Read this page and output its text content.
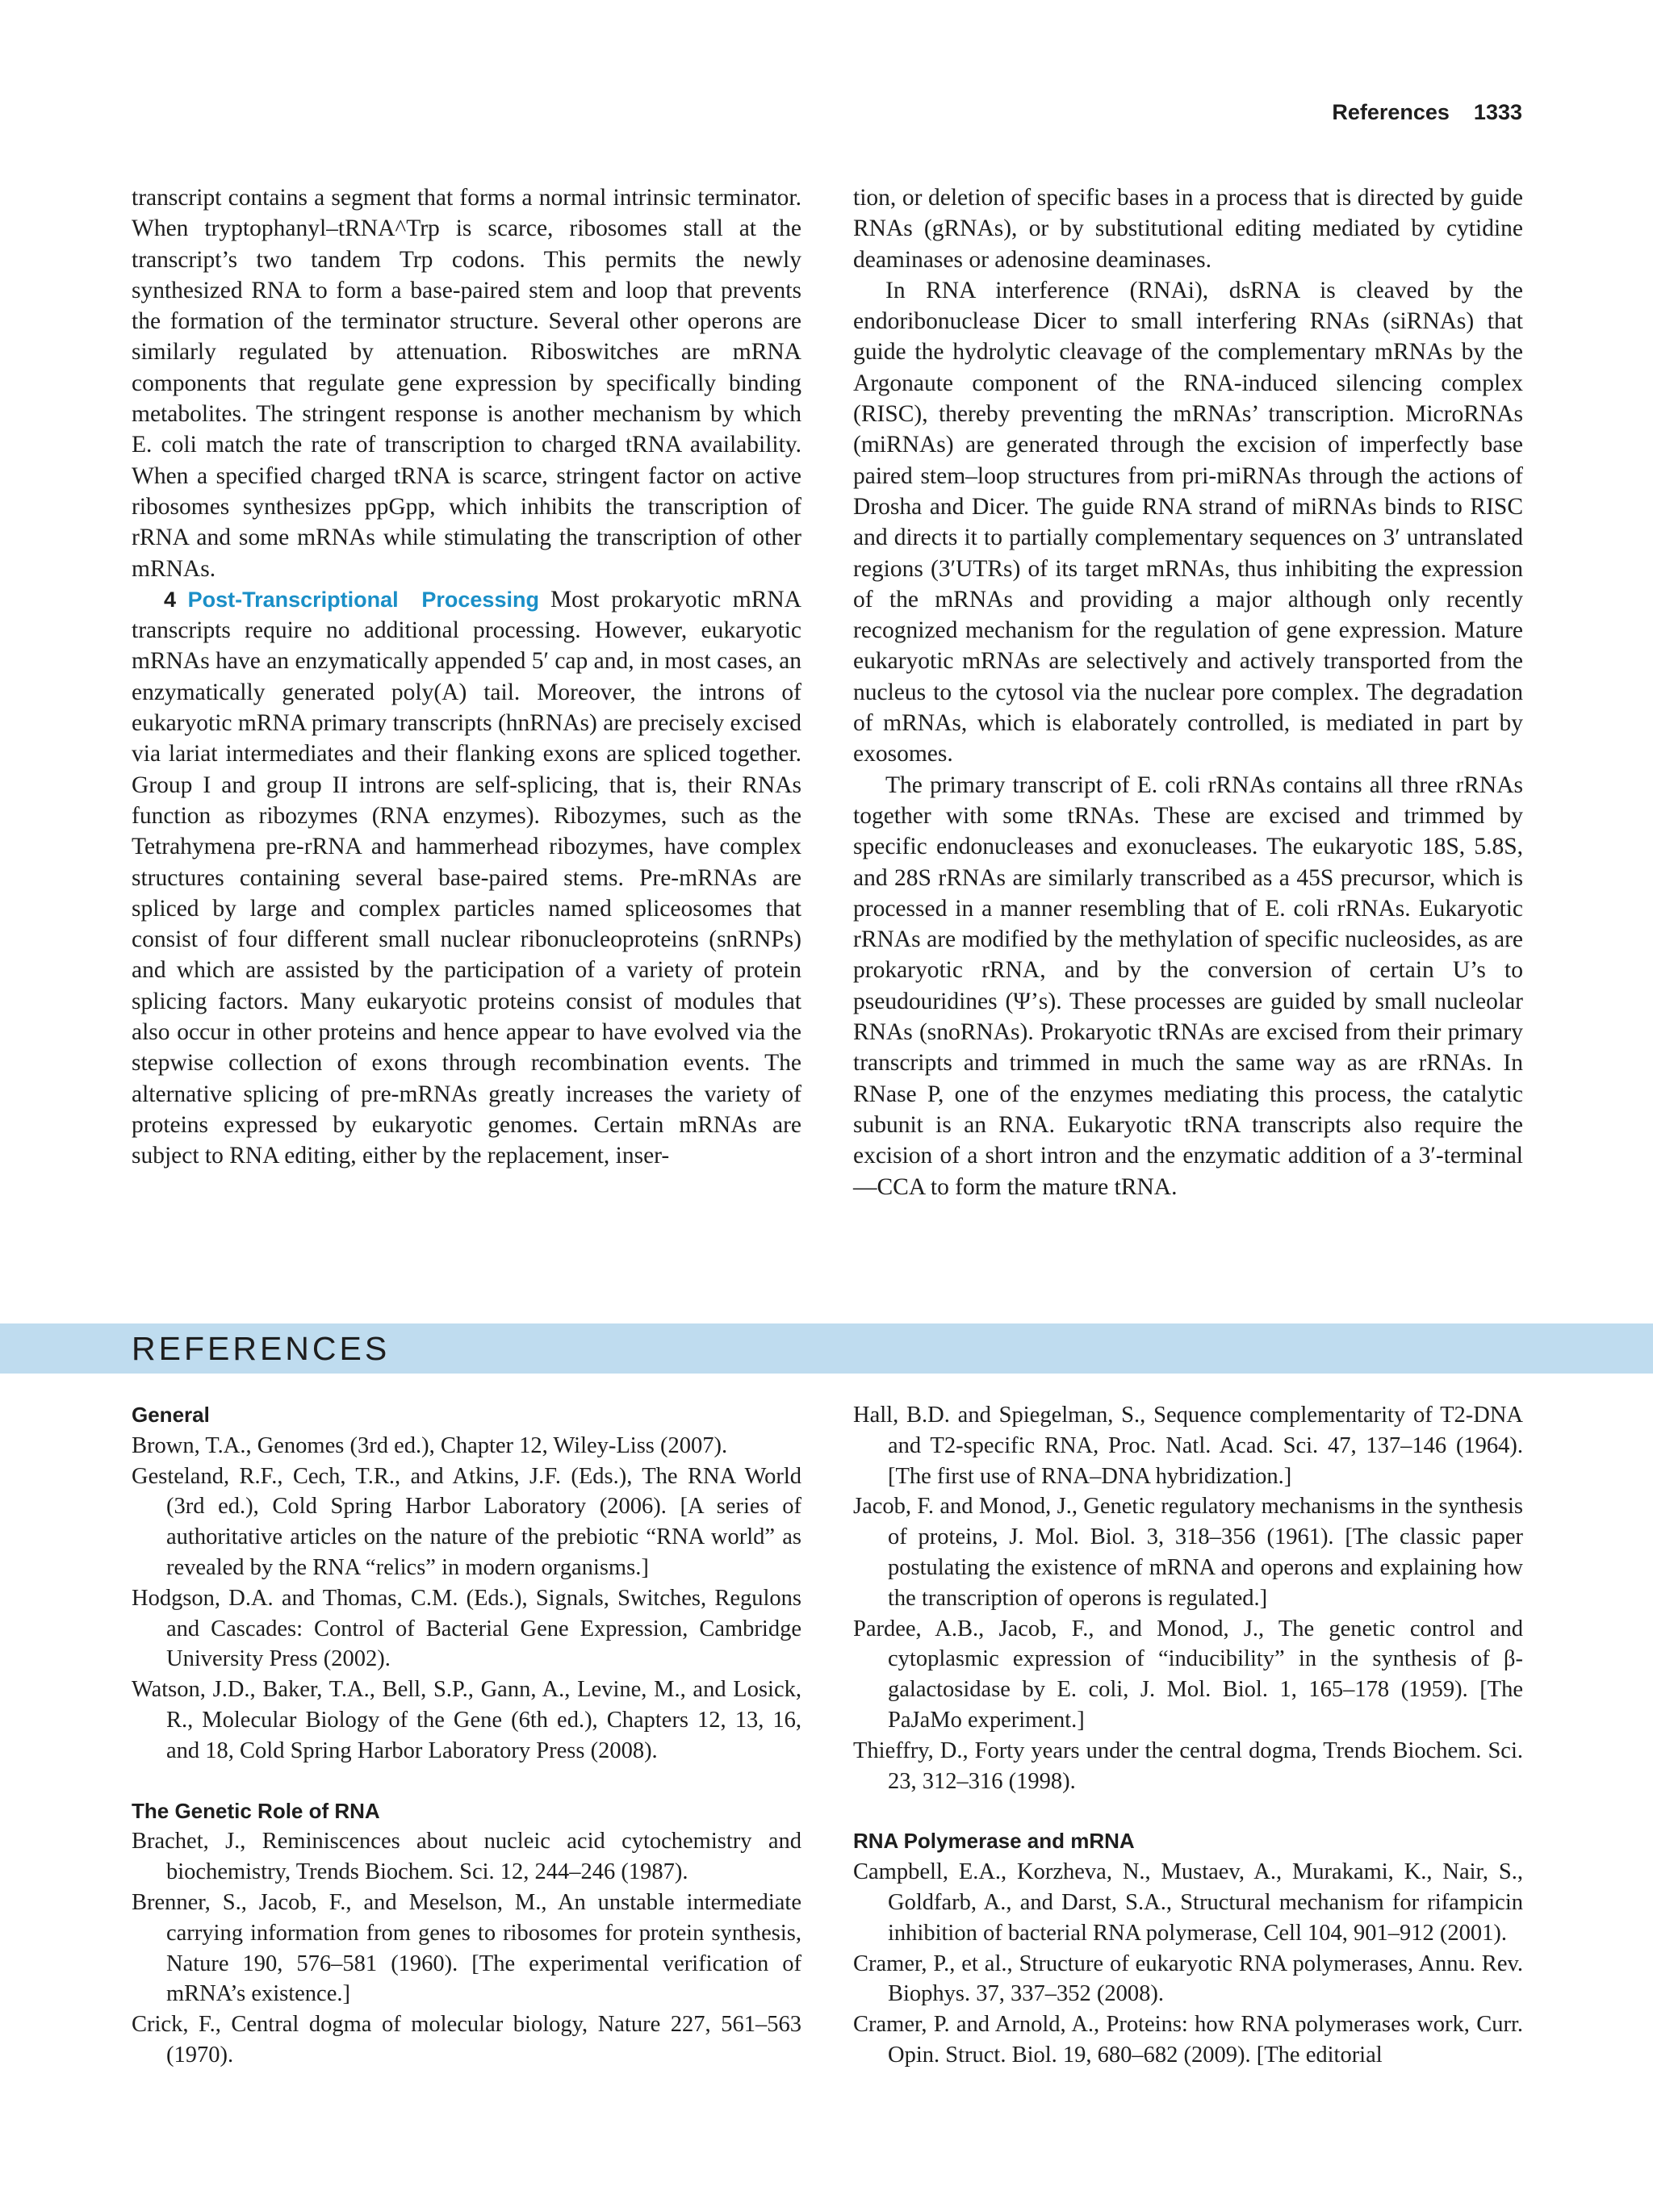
References 1333

transcript contains a segment that forms a normal intrinsic terminator. When tryptophanyl–tRNA^Trp is scarce, ribosomes stall at the transcript’s two tandem Trp codons. This permits the newly synthesized RNA to form a base-paired stem and loop that prevents the formation of the terminator structure. Several other operons are similarly regulated by attenuation. Riboswitches are mRNA components that regulate gene expression by specifically binding metabolites. The stringent response is another mechanism by which E. coli match the rate of transcription to charged tRNA availability. When a specified charged tRNA is scarce, stringent factor on active ribosomes synthesizes ppGpp, which inhibits the transcription of rRNA and some mRNAs while stimulating the transcription of other mRNAs.

4 Post-Transcriptional Processing Most prokaryotic mRNA transcripts require no additional processing. However, eukaryotic mRNAs have an enzymatically appended 5′ cap and, in most cases, an enzymatically generated poly(A) tail. Moreover, the introns of eukaryotic mRNA primary transcripts (hnRNAs) are precisely excised via lariat intermediates and their flanking exons are spliced together. Group I and group II introns are self-splicing, that is, their RNAs function as ribozymes (RNA enzymes). Ribozymes, such as the Tetrahymena pre-rRNA and hammerhead ribozymes, have complex structures containing several base-paired stems. Pre-mRNAs are spliced by large and complex particles named spliceosomes that consist of four different small nuclear ribonucleoproteins (snRNPs) and which are assisted by the participation of a variety of protein splicing factors. Many eukaryotic proteins consist of modules that also occur in other proteins and hence appear to have evolved via the stepwise collection of exons through recombination events. The alternative splicing of pre-mRNAs greatly increases the variety of proteins expressed by eukaryotic genomes. Certain mRNAs are subject to RNA editing, either by the replacement, inser-

tion, or deletion of specific bases in a process that is directed by guide RNAs (gRNAs), or by substitutional editing mediated by cytidine deaminases or adenosine deaminases.

In RNA interference (RNAi), dsRNA is cleaved by the endoribonuclease Dicer to small interfering RNAs (siRNAs) that guide the hydrolytic cleavage of the complementary mRNAs by the Argonaute component of the RNA-induced silencing complex (RISC), thereby preventing the mRNAs’ transcription. MicroRNAs (miRNAs) are generated through the excision of imperfectly base paired stem–loop structures from pri-miRNAs through the actions of Drosha and Dicer. The guide RNA strand of miRNAs binds to RISC and directs it to partially complementary sequences on 3′ untranslated regions (3′UTRs) of its target mRNAs, thus inhibiting the expression of the mRNAs and providing a major although only recently recognized mechanism for the regulation of gene expression. Mature eukaryotic mRNAs are selectively and actively transported from the nucleus to the cytosol via the nuclear pore complex. The degradation of mRNAs, which is elaborately controlled, is mediated in part by exosomes.

The primary transcript of E. coli rRNAs contains all three rRNAs together with some tRNAs. These are excised and trimmed by specific endonucleases and exonucleases. The eukaryotic 18S, 5.8S, and 28S rRNAs are similarly transcribed as a 45S precursor, which is processed in a manner resembling that of E. coli rRNAs. Eukaryotic rRNAs are modified by the methylation of specific nucleosides, as are prokaryotic rRNA, and by the conversion of certain U’s to pseudouridines (Ψ’s). These processes are guided by small nucleolar RNAs (snoRNAs). Prokaryotic tRNAs are excised from their primary transcripts and trimmed in much the same way as are rRNAs. In RNase P, one of the enzymes mediating this process, the catalytic subunit is an RNA. Eukaryotic tRNA transcripts also require the excision of a short intron and the enzymatic addition of a 3′-terminal —CCA to form the mature tRNA.

REFERENCES
General
Brown, T.A., Genomes (3rd ed.), Chapter 12, Wiley-Liss (2007).
Gesteland, R.F., Cech, T.R., and Atkins, J.F. (Eds.), The RNA World (3rd ed.), Cold Spring Harbor Laboratory (2006). [A series of authoritative articles on the nature of the prebiotic “RNA world” as revealed by the RNA “relics” in modern organisms.]
Hodgson, D.A. and Thomas, C.M. (Eds.), Signals, Switches, Regulons and Cascades: Control of Bacterial Gene Expression, Cambridge University Press (2002).
Watson, J.D., Baker, T.A., Bell, S.P., Gann, A., Levine, M., and Losick, R., Molecular Biology of the Gene (6th ed.), Chapters 12, 13, 16, and 18, Cold Spring Harbor Laboratory Press (2008).
The Genetic Role of RNA
Brachet, J., Reminiscences about nucleic acid cytochemistry and biochemistry, Trends Biochem. Sci. 12, 244–246 (1987).
Brenner, S., Jacob, F., and Meselson, M., An unstable intermediate carrying information from genes to ribosomes for protein synthesis, Nature 190, 576–581 (1960). [The experimental verification of mRNA’s existence.]
Crick, F., Central dogma of molecular biology, Nature 227, 561–563 (1970).
Hall, B.D. and Spiegelman, S., Sequence complementarity of T2-DNA and T2-specific RNA, Proc. Natl. Acad. Sci. 47, 137–146 (1964). [The first use of RNA–DNA hybridization.]
Jacob, F. and Monod, J., Genetic regulatory mechanisms in the synthesis of proteins, J. Mol. Biol. 3, 318–356 (1961). [The classic paper postulating the existence of mRNA and operons and explaining how the transcription of operons is regulated.]
Pardee, A.B., Jacob, F., and Monod, J., The genetic control and cytoplasmic expression of “inducibility” in the synthesis of β-galactosidase by E. coli, J. Mol. Biol. 1, 165–178 (1959). [The PaJaMo experiment.]
Thieffry, D., Forty years under the central dogma, Trends Biochem. Sci. 23, 312–316 (1998).
RNA Polymerase and mRNA
Campbell, E.A., Korzheva, N., Mustaev, A., Murakami, K., Nair, S., Goldfarb, A., and Darst, S.A., Structural mechanism for rifampicin inhibition of bacterial RNA polymerase, Cell 104, 901–912 (2001).
Cramer, P., et al., Structure of eukaryotic RNA polymerases, Annu. Rev. Biophys. 37, 337–352 (2008).
Cramer, P. and Arnold, A., Proteins: how RNA polymerases work, Curr. Opin. Struct. Biol. 19, 680–682 (2009). [The editorial
